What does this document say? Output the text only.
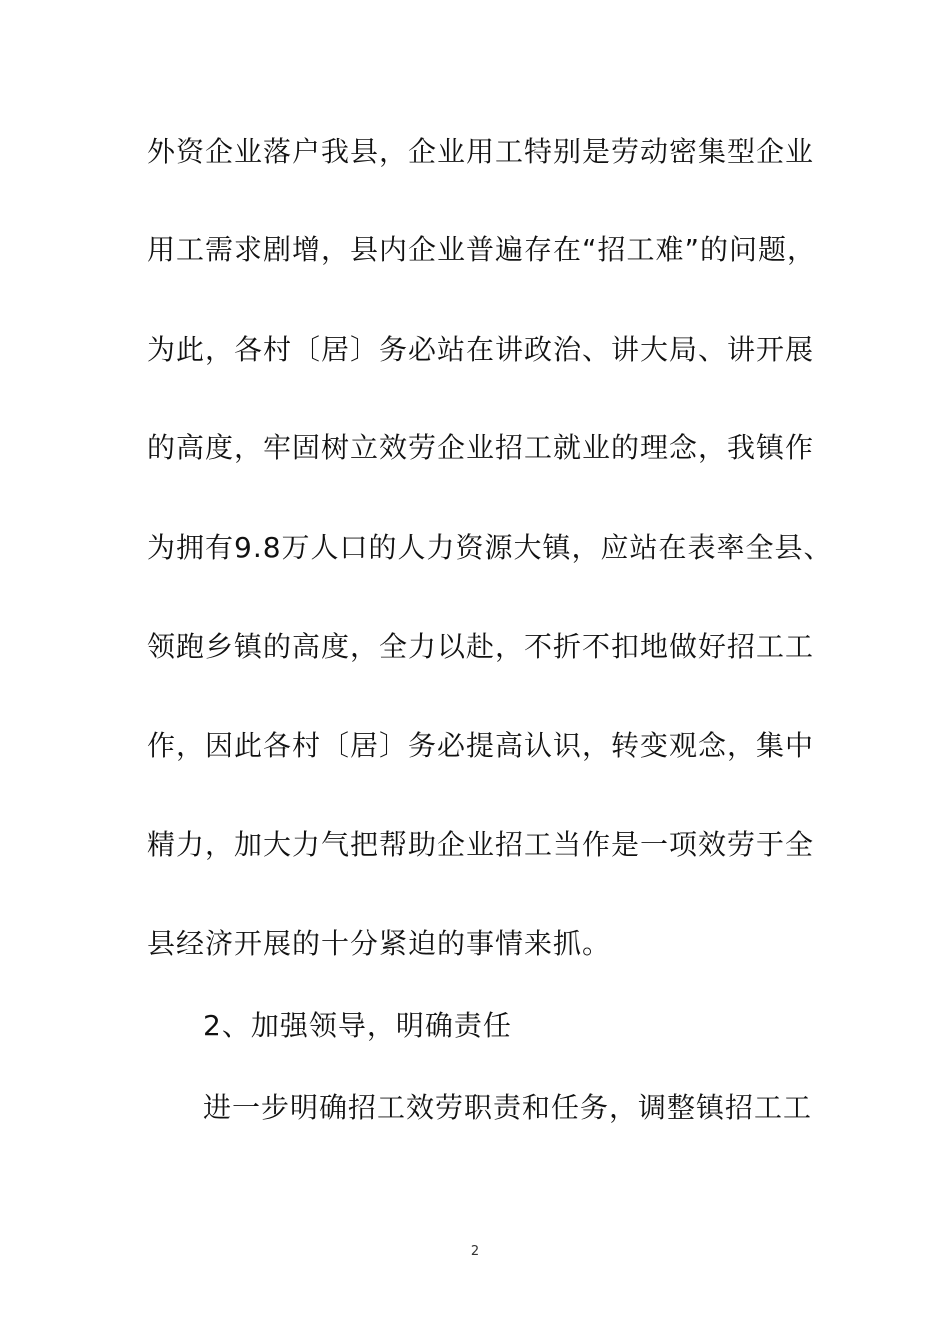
外资企业落户我县，企业用工特别是劳动密集型企业
用工需求剧增，县内企业普遍存在“招工难”的问题，
为此，各村〔居〕务必站在讲政治、讲大局、讲开展
的高度，牢固树立效劳企业招工就业的理念，我镇作
为拥有9.8万人口的人力资源大镇，应站在表率全县、
领跑乡镇的高度，全力以赴，不折不扣地做好招工工
作，因此各村〔居〕务必提高认识，转变观念，集中
精力，加大力气把帮助企业招工当作是一项效劳于全
县经济开展的十分紧迫的事情来抓。
2、加强领导，明确责任
进一步明确招工效劳职责和任务，调整镇招工工
2
